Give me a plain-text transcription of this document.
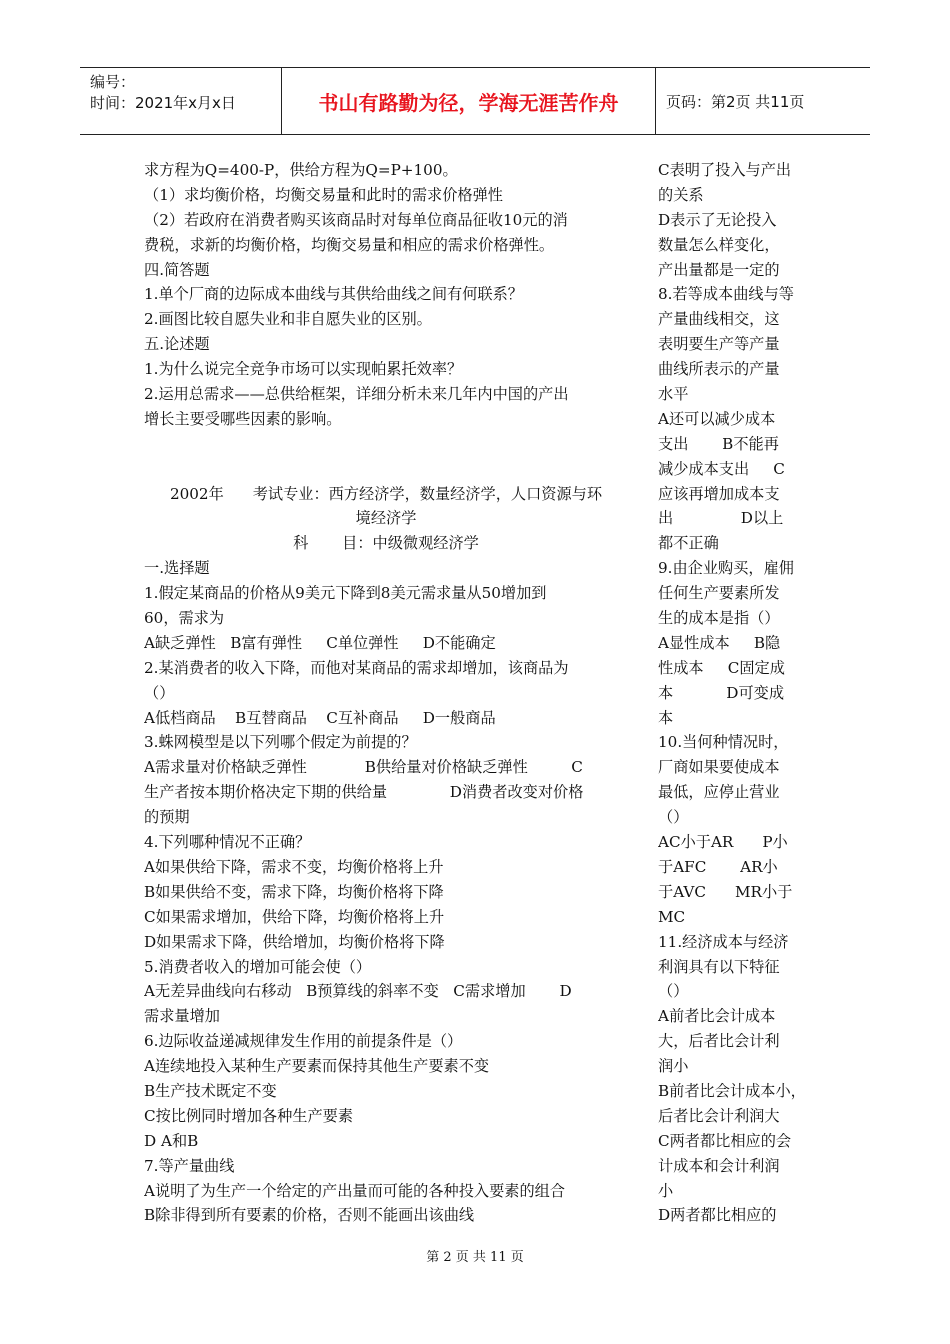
编号：
时间：2021年x月x日	书山有路勤为径，学海无涯苦作舟	页码：第2页 共11页
求方程为Q=400-P，供给方程为Q=P+100。
（1）求均衡价格，均衡交易量和此时的需求价格弹性
（2）若政府在消费者购买该商品时对每单位商品征收10元的消
费税，求新的均衡价格，均衡交易量和相应的需求价格弹性。
四.简答题
1.单个厂商的边际成本曲线与其供给曲线之间有何联系？
2.画图比较自愿失业和非自愿失业的区别。
五.论述题
1.为什么说完全竞争市场可以实现帕累托效率？
2.运用总需求——总供给框架，详细分析未来几年内中国的产出
增长主要受哪些因素的影响。
2002年      考试专业：西方经济学，数量经济学，人口资源与环
境经济学
科       目：中级微观经济学
一.选择题
1.假定某商品的价格从9美元下降到8美元需求量从50增加到
60，需求为
A缺乏弹性   B富有弹性     C单位弹性     D不能确定
2.某消费者的收入下降，而他对某商品的需求却增加，该商品为
（）
A低档商品    B互替商品    C互补商品     D一般商品
3.蛛网模型是以下列哪个假定为前提的？
A需求量对价格缺乏弹性            B供给量对价格缺乏弹性         C
生产者按本期价格决定下期的供给量             D消费者改变对价格
的预期
4.下列哪种情况不正确？
A如果供给下降，需求不变，均衡价格将上升
B如果供给不变，需求下降，均衡价格将下降
C如果需求增加，供给下降，均衡价格将上升
D如果需求下降，供给增加，均衡价格将下降
5.消费者收入的增加可能会使（）
A无差异曲线向右移动   B预算线的斜率不变   C需求增加       D
需求量增加
6.边际收益递减规律发生作用的前提条件是（）
A连续地投入某种生产要素而保持其他生产要素不变
B生产技术既定不变
C按比例同时增加各种生产要素
D A和B
7.等产量曲线
A说明了为生产一个给定的产出量而可能的各种投入要素的组合
B除非得到所有要素的价格，否则不能画出该曲线
C表明了投入与产出
的关系
D表示了无论投入
数量怎么样变化，
产出量都是一定的
8.若等成本曲线与等
产量曲线相交，这
表明要生产等产量
曲线所表示的产量
水平
A还可以减少成本
支出       B不能再
减少成本支出     C
应该再增加成本支
出              D以上
都不正确
9.由企业购买，雇佣
任何生产要素所发
生的成本是指（）
A显性成本     B隐
性成本     C固定成
本           D可变成
本
10.当何种情况时，
厂商如果要使成本
最低，应停止营业
（）
AC小于AR      P小
于AFC       AR小
于AVC      MR小于
MC
11.经济成本与经济
利润具有以下特征
（）
A前者比会计成本
大，后者比会计利
润小
B前者比会计成本小，
后者比会计利润大
C两者都比相应的会
计成本和会计利润
小
D两者都比相应的
第 2 页 共 11 页
